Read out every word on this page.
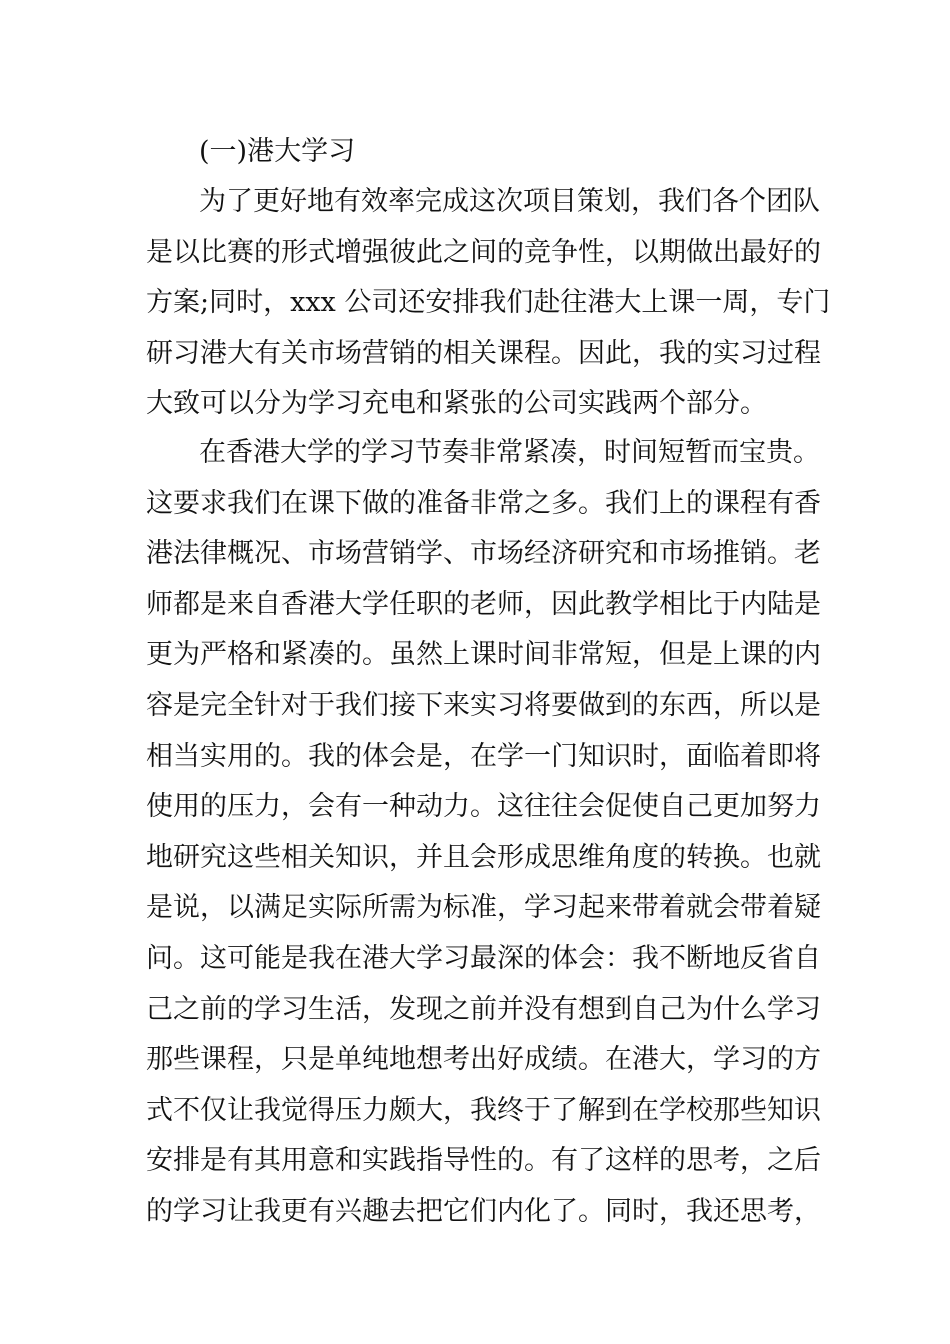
(一)港大学习
为了更好地有效率完成这次项目策划，我们各个团队
是以比赛的形式增强彼此之间的竞争性，以期做出最好的
方案;同时，xxx 公司还安排我们赴往港大上课一周，专门
研习港大有关市场营销的相关课程。因此，我的实习过程
大致可以分为学习充电和紧张的公司实践两个部分。
在香港大学的学习节奏非常紧凑，时间短暂而宝贵。
这要求我们在课下做的准备非常之多。我们上的课程有香
港法律概况、市场营销学、市场经济研究和市场推销。老
师都是来自香港大学任职的老师，因此教学相比于内陆是
更为严格和紧凑的。虽然上课时间非常短，但是上课的内
容是完全针对于我们接下来实习将要做到的东西，所以是
相当实用的。我的体会是，在学一门知识时，面临着即将
使用的压力，会有一种动力。这往往会促使自己更加努力
地研究这些相关知识，并且会形成思维角度的转换。也就
是说，以满足实际所需为标准，学习起来带着就会带着疑
问。这可能是我在港大学习最深的体会：我不断地反省自
己之前的学习生活，发现之前并没有想到自己为什么学习
那些课程，只是单纯地想考出好成绩。在港大，学习的方
式不仅让我觉得压力颇大，我终于了解到在学校那些知识
安排是有其用意和实践指导性的。有了这样的思考，之后
的学习让我更有兴趣去把它们内化了。同时，我还思考，
